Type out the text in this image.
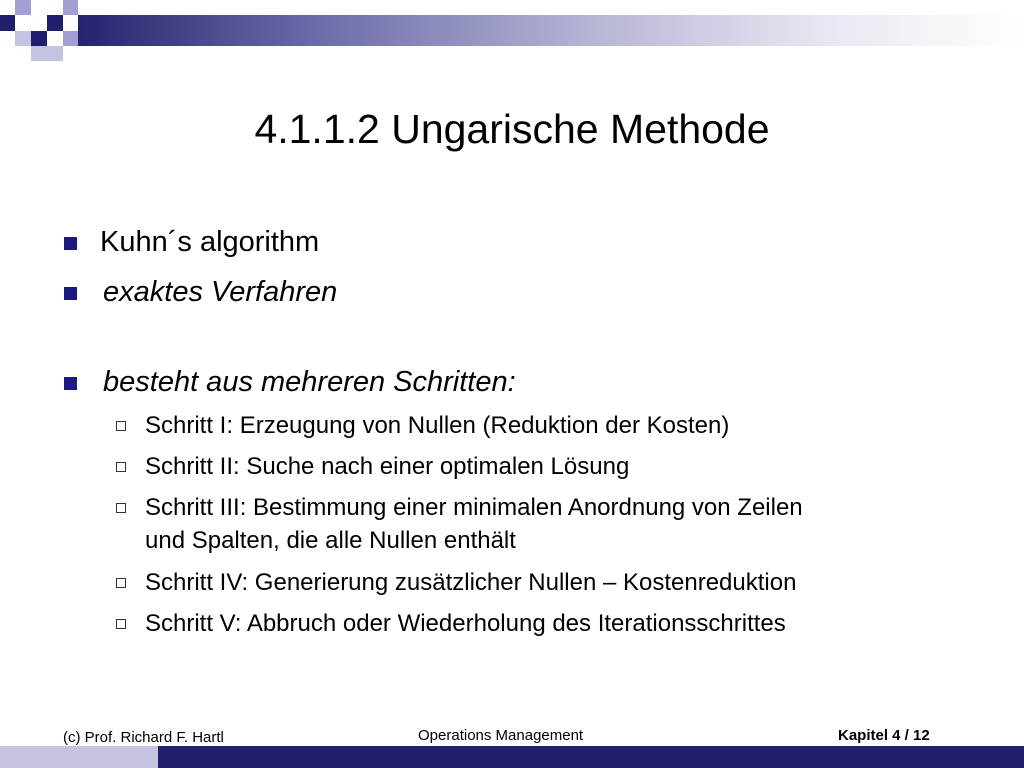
4.1.1.2 Ungarische Methode
Kuhn´s algorithm
exaktes Verfahren
besteht aus mehreren Schritten:
Schritt I: Erzeugung von Nullen (Reduktion der Kosten)
Schritt II: Suche nach einer optimalen Lösung
Schritt III: Bestimmung einer minimalen Anordnung von Zeilen
und Spalten, die alle Nullen enthält
Schritt IV: Generierung zusätzlicher Nullen – Kostenreduktion
Schritt V: Abbruch oder Wiederholung des Iterationsschrittes
(c) Prof. Richard F. Hartl	Operations Management	Kapitel 4 / 12
